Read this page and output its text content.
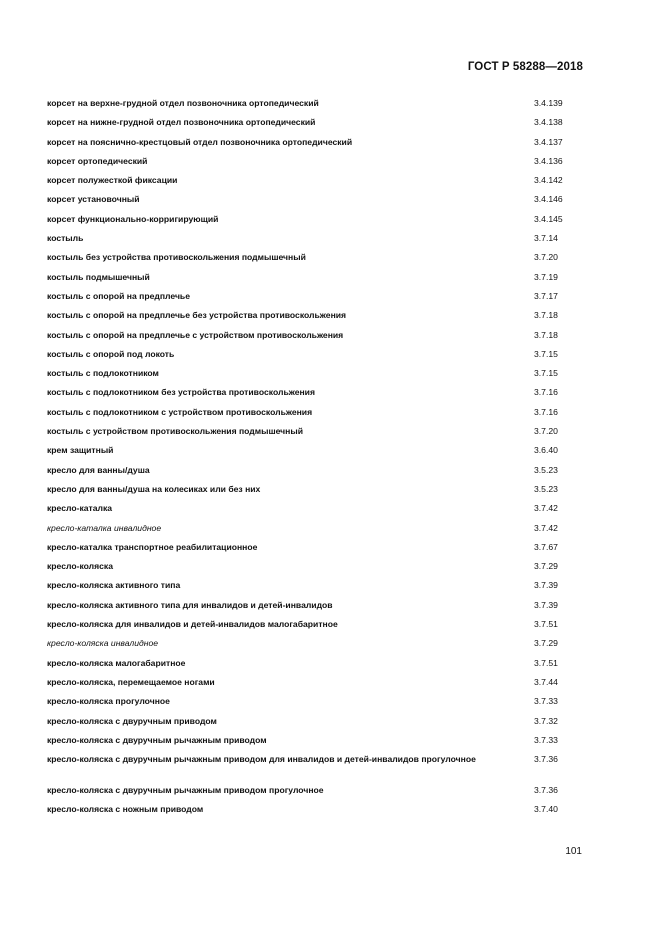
ГОСТ Р 58288—2018
корсет на верхне-грудной отдел позвоночника ортопедический	3.4.139
корсет на нижне-грудной отдел позвоночника ортопедический	3.4.138
корсет на пояснично-крестцовый отдел позвоночника ортопедический	3.4.137
корсет ортопедический	3.4.136
корсет полужесткой фиксации	3.4.142
корсет установочный	3.4.146
корсет функционально-корригирующий	3.4.145
костыль	3.7.14
костыль без устройства противоскольжения подмышечный	3.7.20
костыль подмышечный	3.7.19
костыль с опорой на предплечье	3.7.17
костыль с опорой на предплечье без устройства противоскольжения	3.7.18
костыль с опорой на предплечье с устройством противоскольжения	3.7.18
костыль с опорой под локоть	3.7.15
костыль с подлокотником	3.7.15
костыль с подлокотником без устройства противоскольжения	3.7.16
костыль с подлокотником с устройством противоскольжения	3.7.16
костыль с устройством противоскольжения подмышечный	3.7.20
крем защитный	3.6.40
кресло для ванны/душа	3.5.23
кресло для ванны/душа на колесиках или без них	3.5.23
кресло-каталка	3.7.42
кресло-каталка инвалидное	3.7.42
кресло-каталка транспортное реабилитационное	3.7.67
кресло-коляска	3.7.29
кресло-коляска активного типа	3.7.39
кресло-коляска активного типа для инвалидов и детей-инвалидов	3.7.39
кресло-коляска для инвалидов и детей-инвалидов малогабаритное	3.7.51
кресло-коляска инвалидное	3.7.29
кресло-коляска малогабаритное	3.7.51
кресло-коляска, перемещаемое ногами	3.7.44
кресло-коляска прогулочное	3.7.33
кресло-коляска с двуручным приводом	3.7.32
кресло-коляска с двуручным рычажным приводом	3.7.33
кресло-коляска с двуручным рычажным приводом для инвалидов и детей-инвалидов прогулочное	3.7.36
кресло-коляска с двуручным рычажным приводом прогулочное	3.7.36
кресло-коляска с ножным приводом	3.7.40
101
